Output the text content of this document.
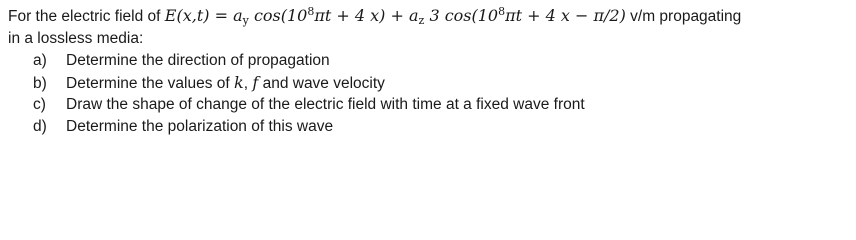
For the electric field of $E(x,t) = a_y$ $\cos(10^8\pi t + 4$ $x) + a_z$ 3 $\cos(10^8\pi t + 4$ x − π/2) v/m propagating
in a lossless media:
a) Determine the direction of propagation
b) Determine the values of k, f and wave velocity
c) Draw the shape of change of the electric field with time at a fixed wave front
d) Determine the polarization of this wave
